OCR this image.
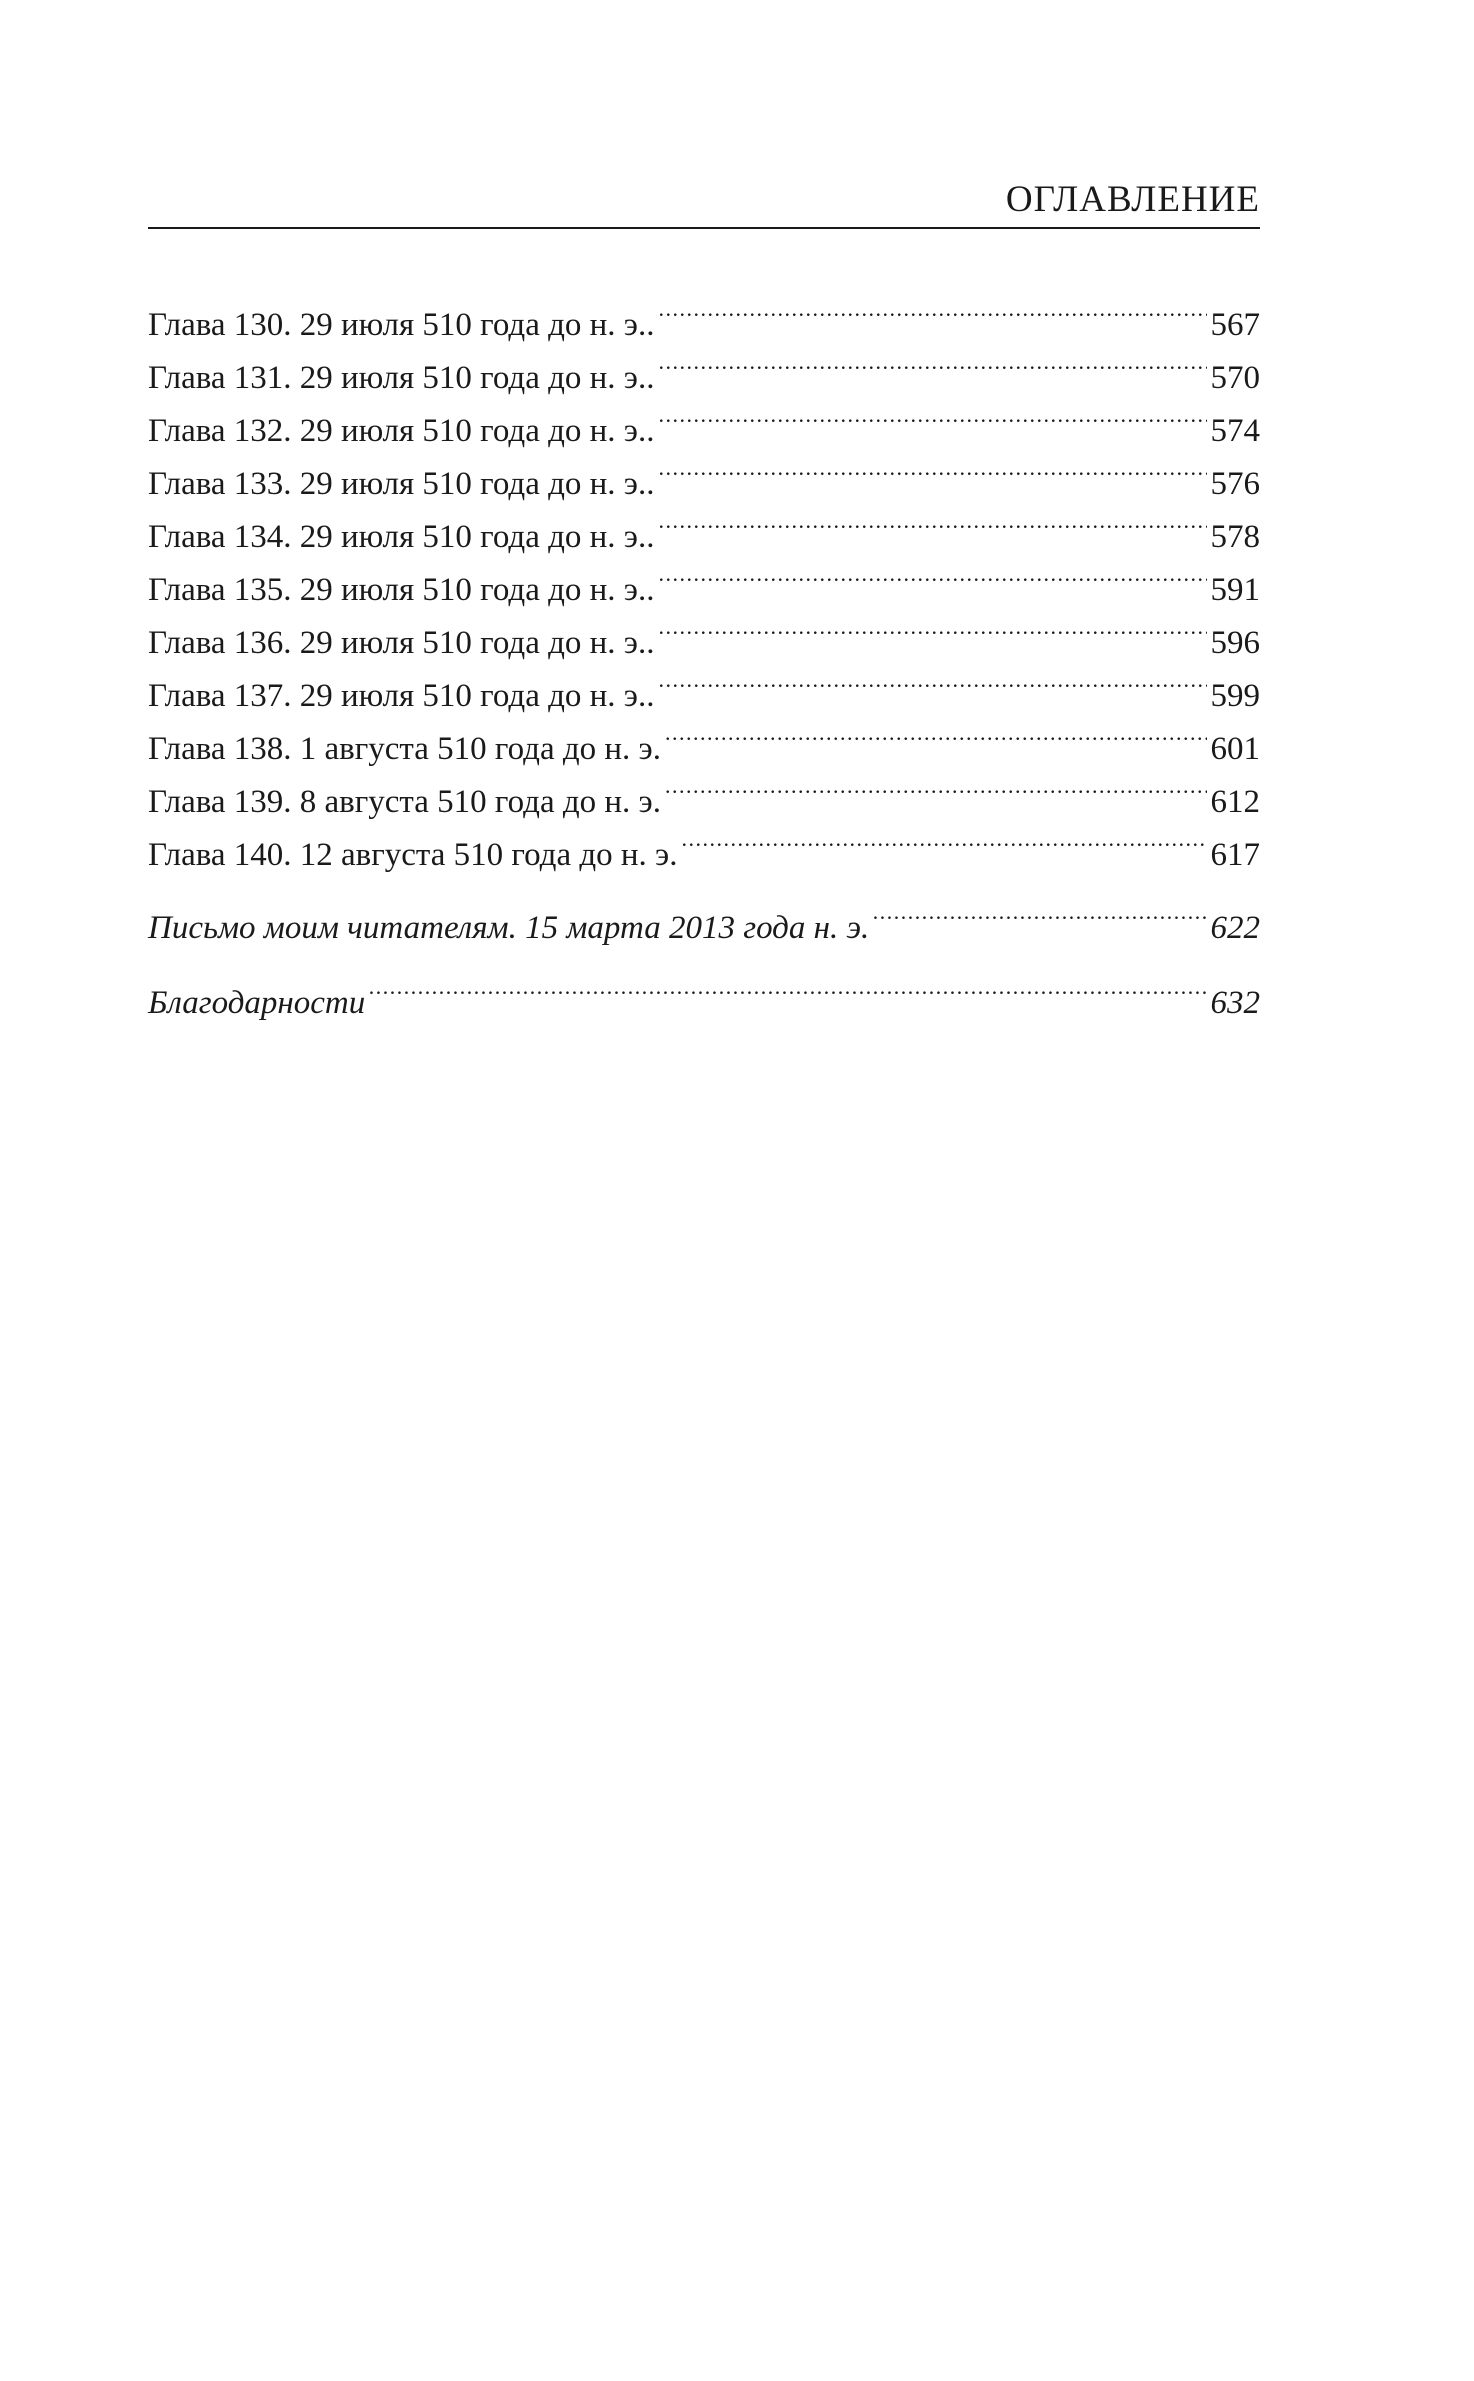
ОГЛАВЛЕНИЕ
Глава 130. 29 июля 510 года до н. э.. . . .	567
Глава 131. 29 июля 510 года до н. э.. . . .	570
Глава 132. 29 июля 510 года до н. э.. . . .	574
Глава 133. 29 июля 510 года до н. э.. . . .	576
Глава 134. 29 июля 510 года до н. э.. . . .	578
Глава 135. 29 июля 510 года до н. э.. . . .	591
Глава 136. 29 июля 510 года до н. э.. . . .	596
Глава 137. 29 июля 510 года до н. э.. . . .	599
Глава 138. 1 августа 510 года до н. э. . . .	601
Глава 139. 8 августа 510 года до н. э. . . .	612
Глава 140. 12 августа 510 года до н. э. . . .	617
Письмо моим читателям. 15 марта 2013 года н. э. . . .	622
Благодарности . . .	632
